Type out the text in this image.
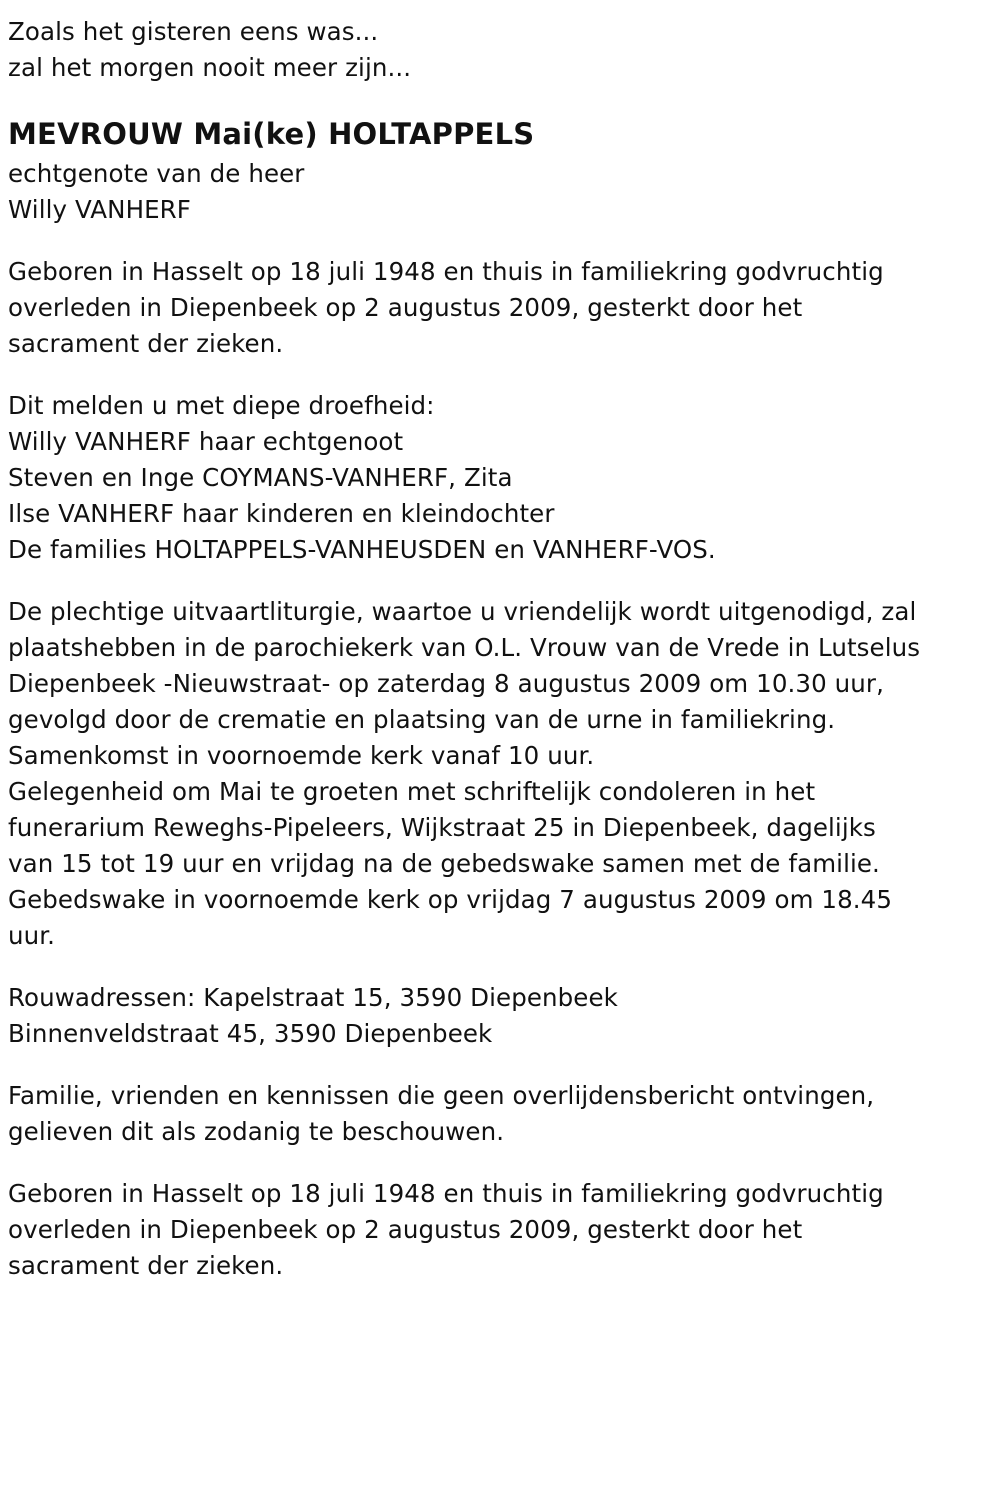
Zoals het gisteren eens was...
zal het morgen nooit meer zijn...
MEVROUW Mai(ke) HOLTAPPELS
echtgenote van de heer
Willy VANHERF
Geboren in Hasselt op 18 juli 1948 en thuis in familiekring godvruchtig
overleden in Diepenbeek op 2 augustus 2009, gesterkt door het
sacrament der zieken.
Dit melden u met diepe droefheid:
Willy VANHERF haar echtgenoot
Steven en Inge COYMANS-VANHERF, Zita
Ilse VANHERF haar kinderen en kleindochter
De families HOLTAPPELS-VANHEUSDEN en VANHERF-VOS.
De plechtige uitvaartliturgie, waartoe u vriendelijk wordt uitgenodigd, zal
plaatshebben in de parochiekerk van O.L. Vrouw van de Vrede in Lutselus
Diepenbeek -Nieuwstraat- op zaterdag 8 augustus 2009 om 10.30 uur,
gevolgd door de crematie en plaatsing van de urne in familiekring.
Samenkomst in voornoemde kerk vanaf 10 uur.
Gelegenheid om Mai te groeten met schriftelijk condoleren in het
funerarium Reweghs-Pipeleers, Wijkstraat 25 in Diepenbeek, dagelijks
van 15 tot 19 uur en vrijdag na de gebedswake samen met de familie.
Gebedswake in voornoemde kerk op vrijdag 7 augustus 2009 om 18.45
uur.
Rouwadressen: Kapelstraat 15, 3590 Diepenbeek
Binnenveldstraat 45, 3590 Diepenbeek
Familie, vrienden en kennissen die geen overlijdensbericht ontvingen,
gelieven dit als zodanig te beschouwen.
Geboren in Hasselt op 18 juli 1948 en thuis in familiekring godvruchtig
overleden in Diepenbeek op 2 augustus 2009, gesterkt door het
sacrament der zieken.
